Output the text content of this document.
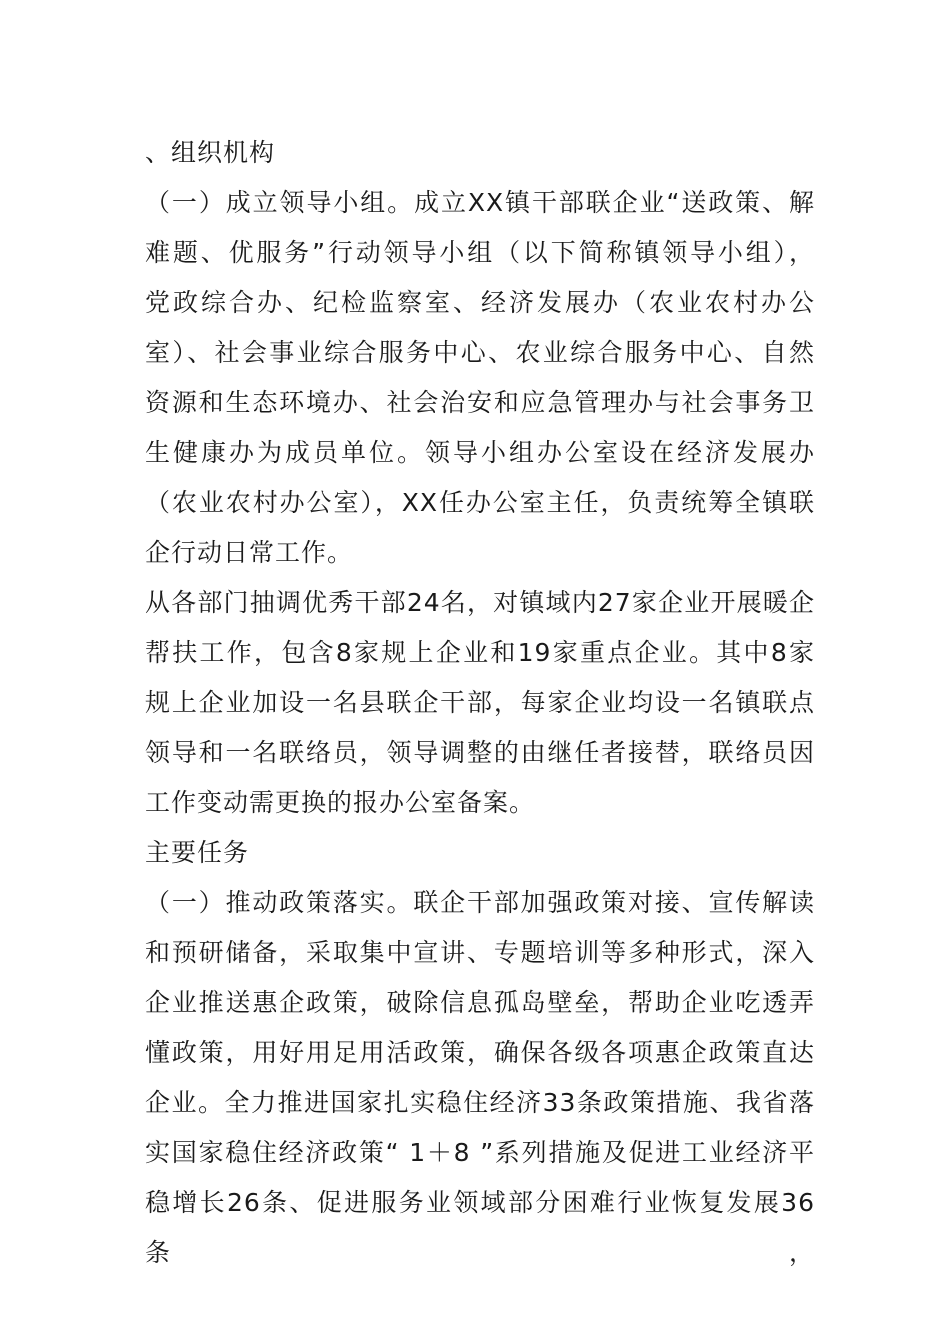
、组织机构
（一）成立领导小组。成立XX镇干部联企业“送政策、解
难题、优服务”行动领导小组（以下简称镇领导小组），
党政综合办、纪检监察室、经济发展办（农业农村办公
室）、社会事业综合服务中心、农业综合服务中心、自然
资源和生态环境办、社会治安和应急管理办与社会事务卫
生健康办为成员单位。领导小组办公室设在经济发展办
（农业农村办公室），XX任办公室主任，负责统筹全镇联
企行动日常工作。
从各部门抽调优秀干部24名，对镇域内27家企业开展暖企
帮扶工作，包含8家规上企业和19家重点企业。其中8家
规上企业加设一名县联企干部，每家企业均设一名镇联点
领导和一名联络员，领导调整的由继任者接替，联络员因
工作变动需更换的报办公室备案。
主要任务
（一）推动政策落实。联企干部加强政策对接、宣传解读
和预研储备，采取集中宣讲、专题培训等多种形式，深入
企业推送惠企政策，破除信息孤岛壁垒，帮助企业吃透弄
懂政策，用好用足用活政策，确保各级各项惠企政策直达
企业。全力推进国家扎实稳住经济33条政策措施、我省落
实国家稳住经济政策“ 1＋8 ”系列措施及促进工业经济平
稳增长26条、促进服务业领域部分困难行业恢复发展36条，
